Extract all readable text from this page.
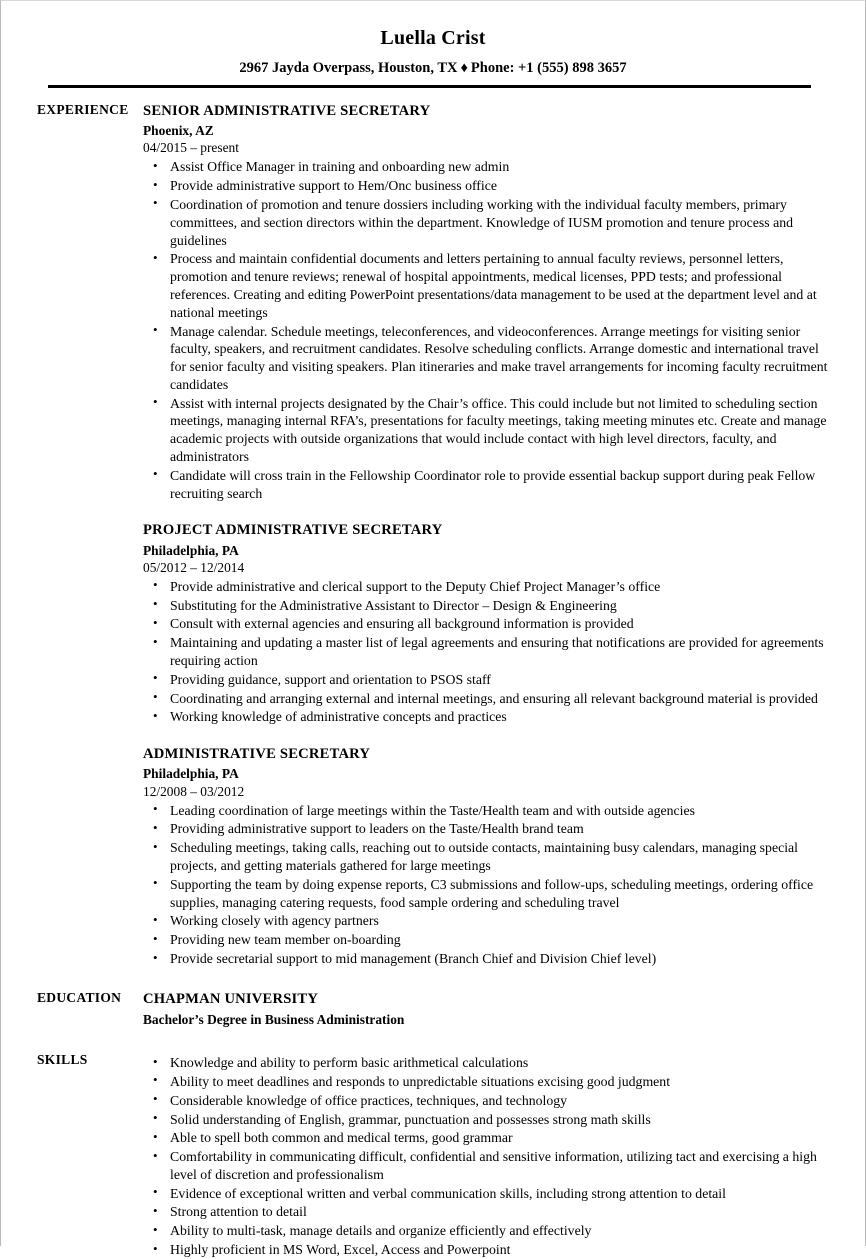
Luella Crist
2967 Jayda Overpass, Houston, TX ♦ Phone: +1 (555) 898 3657
EXPERIENCE SENIOR ADMINISTRATIVE SECRETARY
Phoenix, AZ
04/2015 – present
• Assist Office Manager in training and onboarding new admin
• Provide administrative support to Hem/Onc business office
• Coordination of promotion and tenure dossiers including working with the individual faculty members, primary committees, and section directors within the department. Knowledge of IUSM promotion and tenure process and guidelines
• Process and maintain confidential documents and letters pertaining to annual faculty reviews, personnel letters, promotion and tenure reviews; renewal of hospital appointments, medical licenses, PPD tests; and professional references. Creating and editing PowerPoint presentations/data management to be used at the department level and at national meetings
• Manage calendar. Schedule meetings, teleconferences, and videoconferences. Arrange meetings for visiting senior faculty, speakers, and recruitment candidates. Resolve scheduling conflicts. Arrange domestic and international travel for senior faculty and visiting speakers. Plan itineraries and make travel arrangements for incoming faculty recruitment candidates
• Assist with internal projects designated by the Chair’s office. This could include but not limited to scheduling section meetings, managing internal RFA’s, presentations for faculty meetings, taking meeting minutes etc. Create and manage academic projects with outside organizations that would include contact with high level directors, faculty, and administrators
• Candidate will cross train in the Fellowship Coordinator role to provide essential backup support during peak Fellow recruiting search
PROJECT ADMINISTRATIVE SECRETARY
Philadelphia, PA
05/2012 – 12/2014
• Provide administrative and clerical support to the Deputy Chief Project Manager’s office
• Substituting for the Administrative Assistant to Director – Design & Engineering
• Consult with external agencies and ensuring all background information is provided
• Maintaining and updating a master list of legal agreements and ensuring that notifications are provided for agreements requiring action
• Providing guidance, support and orientation to PSOS staff
• Coordinating and arranging external and internal meetings, and ensuring all relevant background material is provided
• Working knowledge of administrative concepts and practices
ADMINISTRATIVE SECRETARY
Philadelphia, PA
12/2008 – 03/2012
• Leading coordination of large meetings within the Taste/Health team and with outside agencies
• Providing administrative support to leaders on the Taste/Health brand team
• Scheduling meetings, taking calls, reaching out to outside contacts, maintaining busy calendars, managing special projects, and getting materials gathered for large meetings
• Supporting the team by doing expense reports, C3 submissions and follow-ups, scheduling meetings, ordering office supplies, managing catering requests, food sample ordering and scheduling travel
• Working closely with agency partners
• Providing new team member on-boarding
• Provide secretarial support to mid management (Branch Chief and Division Chief level)
EDUCATION	CHAPMAN UNIVERSITY
Bachelor’s Degree in Business Administration
SKILLS	• Knowledge and ability to perform basic arithmetical calculations
• Ability to meet deadlines and responds to unpredictable situations excising good judgment
• Considerable knowledge of office practices, techniques, and technology
• Solid understanding of English, grammar, punctuation and possesses strong math skills
• Able to spell both common and medical terms, good grammar
• Comfortability in communicating difficult, confidential and sensitive information, utilizing tact and exercising a high level of discretion and professionalism
• Evidence of exceptional written and verbal communication skills, including strong attention to detail
• Strong attention to detail
• Ability to multi-task, manage details and organize efficiently and effectively
• Highly proficient in MS Word, Excel, Access and Powerpoint
